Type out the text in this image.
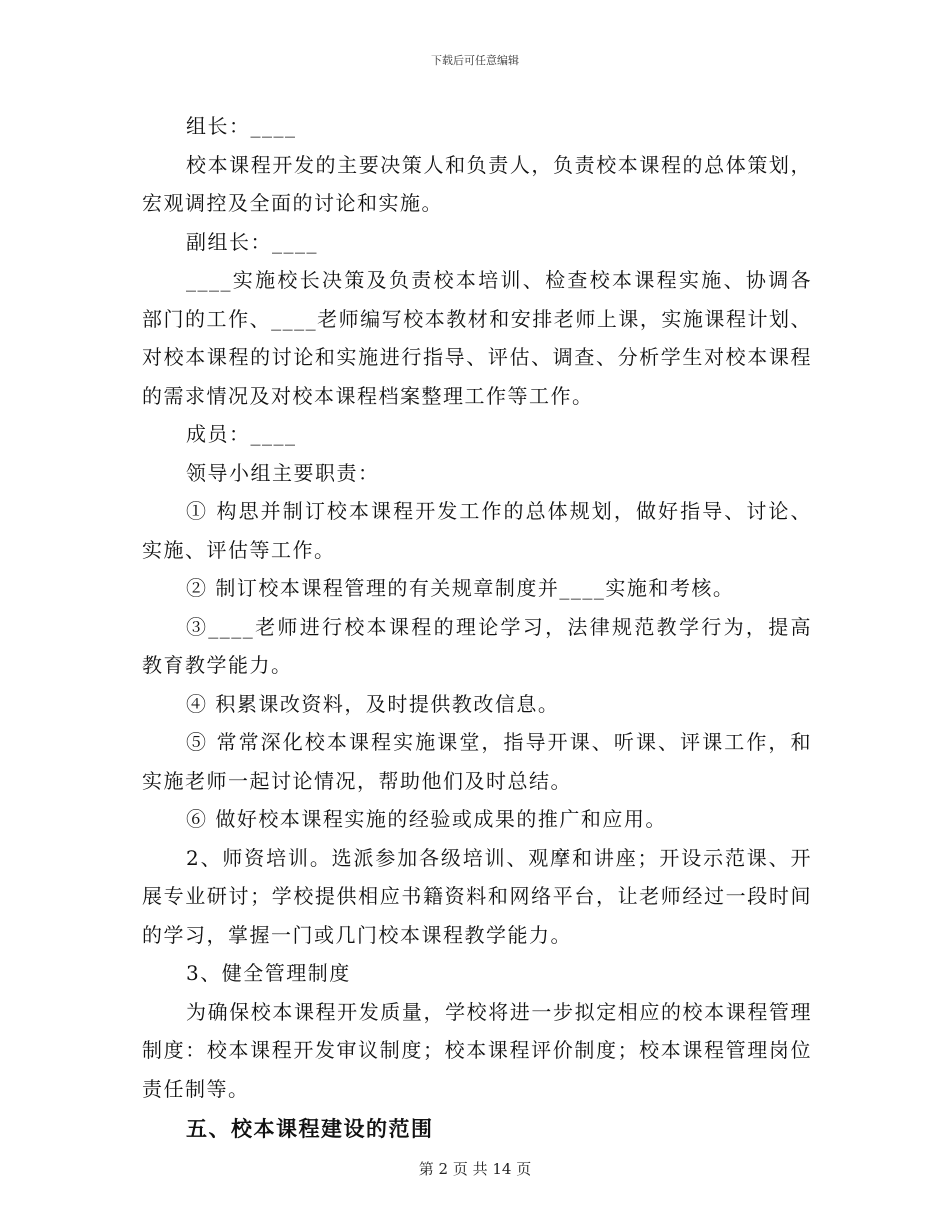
下载后可任意编辑

组长：____

校本课程开发的主要决策人和负责人，负责校本课程的总体策划，宏观调控及全面的讨论和实施。

副组长：____

____实施校长决策及负责校本培训、检查校本课程实施、协调各部门的工作、____老师编写校本教材和安排老师上课，实施课程计划、对校本课程的讨论和实施进行指导、评估、调查、分析学生对校本课程的需求情况及对校本课程档案整理工作等工作。

成员：____

领导小组主要职责：

① 构思并制订校本课程开发工作的总体规划，做好指导、讨论、实施、评估等工作。

② 制订校本课程管理的有关规章制度并____实施和考核。

③____老师进行校本课程的理论学习，法律规范教学行为，提高教育教学能力。

④ 积累课改资料，及时提供教改信息。

⑤ 常常深化校本课程实施课堂，指导开课、听课、评课工作，和实施老师一起讨论情况，帮助他们及时总结。

⑥ 做好校本课程实施的经验或成果的推广和应用。

2、师资培训。选派参加各级培训、观摩和讲座；开设示范课、开展专业研讨；学校提供相应书籍资料和网络平台，让老师经过一段时间的学习，掌握一门或几门校本课程教学能力。

3、健全管理制度

为确保校本课程开发质量，学校将进一步拟定相应的校本课程管理制度：校本课程开发审议制度；校本课程评价制度；校本课程管理岗位责任制等。

五、校本课程建设的范围

第 2 页 共 14 页
